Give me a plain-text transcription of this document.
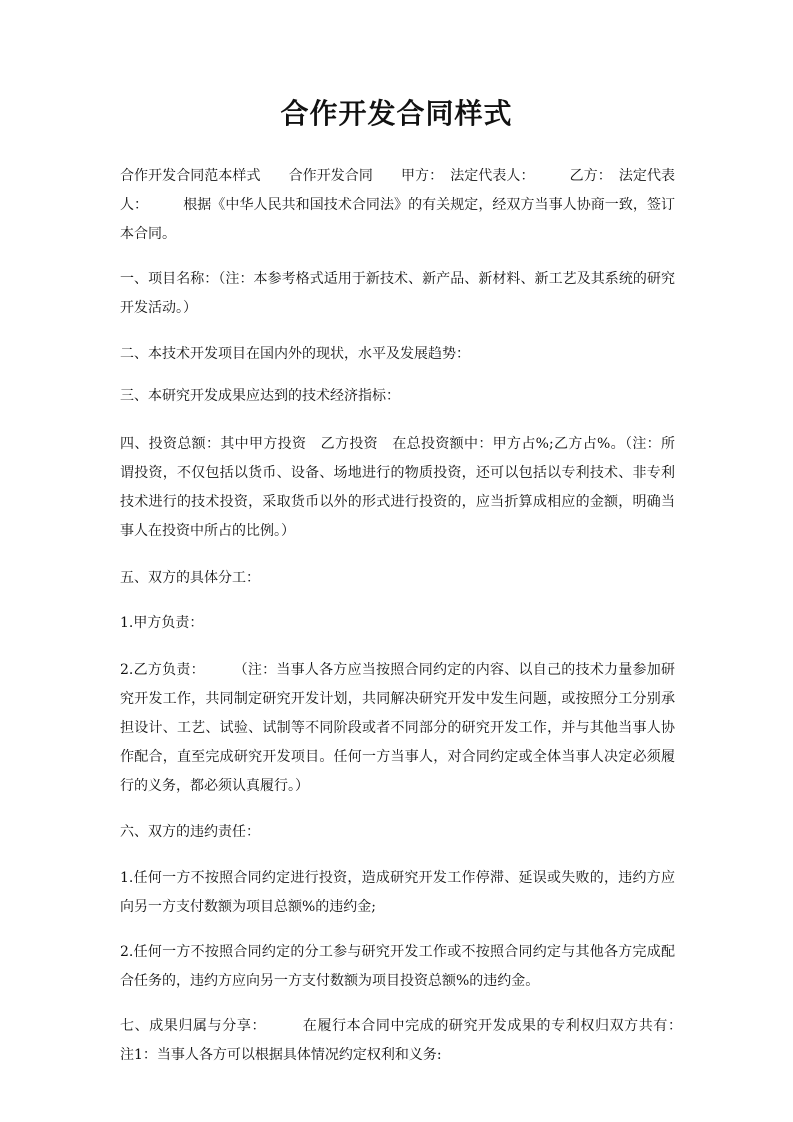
合作开发合同样式

合作开发合同范本样式　　合作开发合同　　甲方：　法定代表人：　　　乙方：　法定代表人：　　　根据《中华人民共和国技术合同法》的有关规定，经双方当事人协商一致，签订本合同。

一、项目名称：（注：本参考格式适用于新技术、新产品、新材料、新工艺及其系统的研究开发活动。）

二、本技术开发项目在国内外的现状，水平及发展趋势：

三、本研究开发成果应达到的技术经济指标：

四、投资总额：其中甲方投资　乙方投资　在总投资额中：甲方占%;乙方占%。（注：所谓投资，不仅包括以货币、设备、场地进行的物质投资，还可以包括以专利技术、非专利技术进行的技术投资，采取货币以外的形式进行投资的，应当折算成相应的金额，明确当事人在投资中所占的比例。）

五、双方的具体分工：

1.甲方负责：

2.乙方负责：　　　（注：当事人各方应当按照合同约定的内容、以自己的技术力量参加研究开发工作，共同制定研究开发计划，共同解决研究开发中发生问题，或按照分工分别承担设计、工艺、试验、试制等不同阶段或者不同部分的研究开发工作，并与其他当事人协作配合，直至完成研究开发项目。任何一方当事人，对合同约定或全体当事人决定必须履行的义务，都必须认真履行。）

六、双方的违约责任：

1.任何一方不按照合同约定进行投资，造成研究开发工作停滞、延误或失败的，违约方应向另一方支付数额为项目总额%的违约金;

2.任何一方不按照合同约定的分工参与研究开发工作或不按照合同约定与其他各方完成配合任务的，违约方应向另一方支付数额为项目投资总额%的违约金。

七、成果归属与分享：　　　在履行本合同中完成的研究开发成果的专利权归双方共有：　　注1：当事人各方可以根据具体情况约定权利和义务:
